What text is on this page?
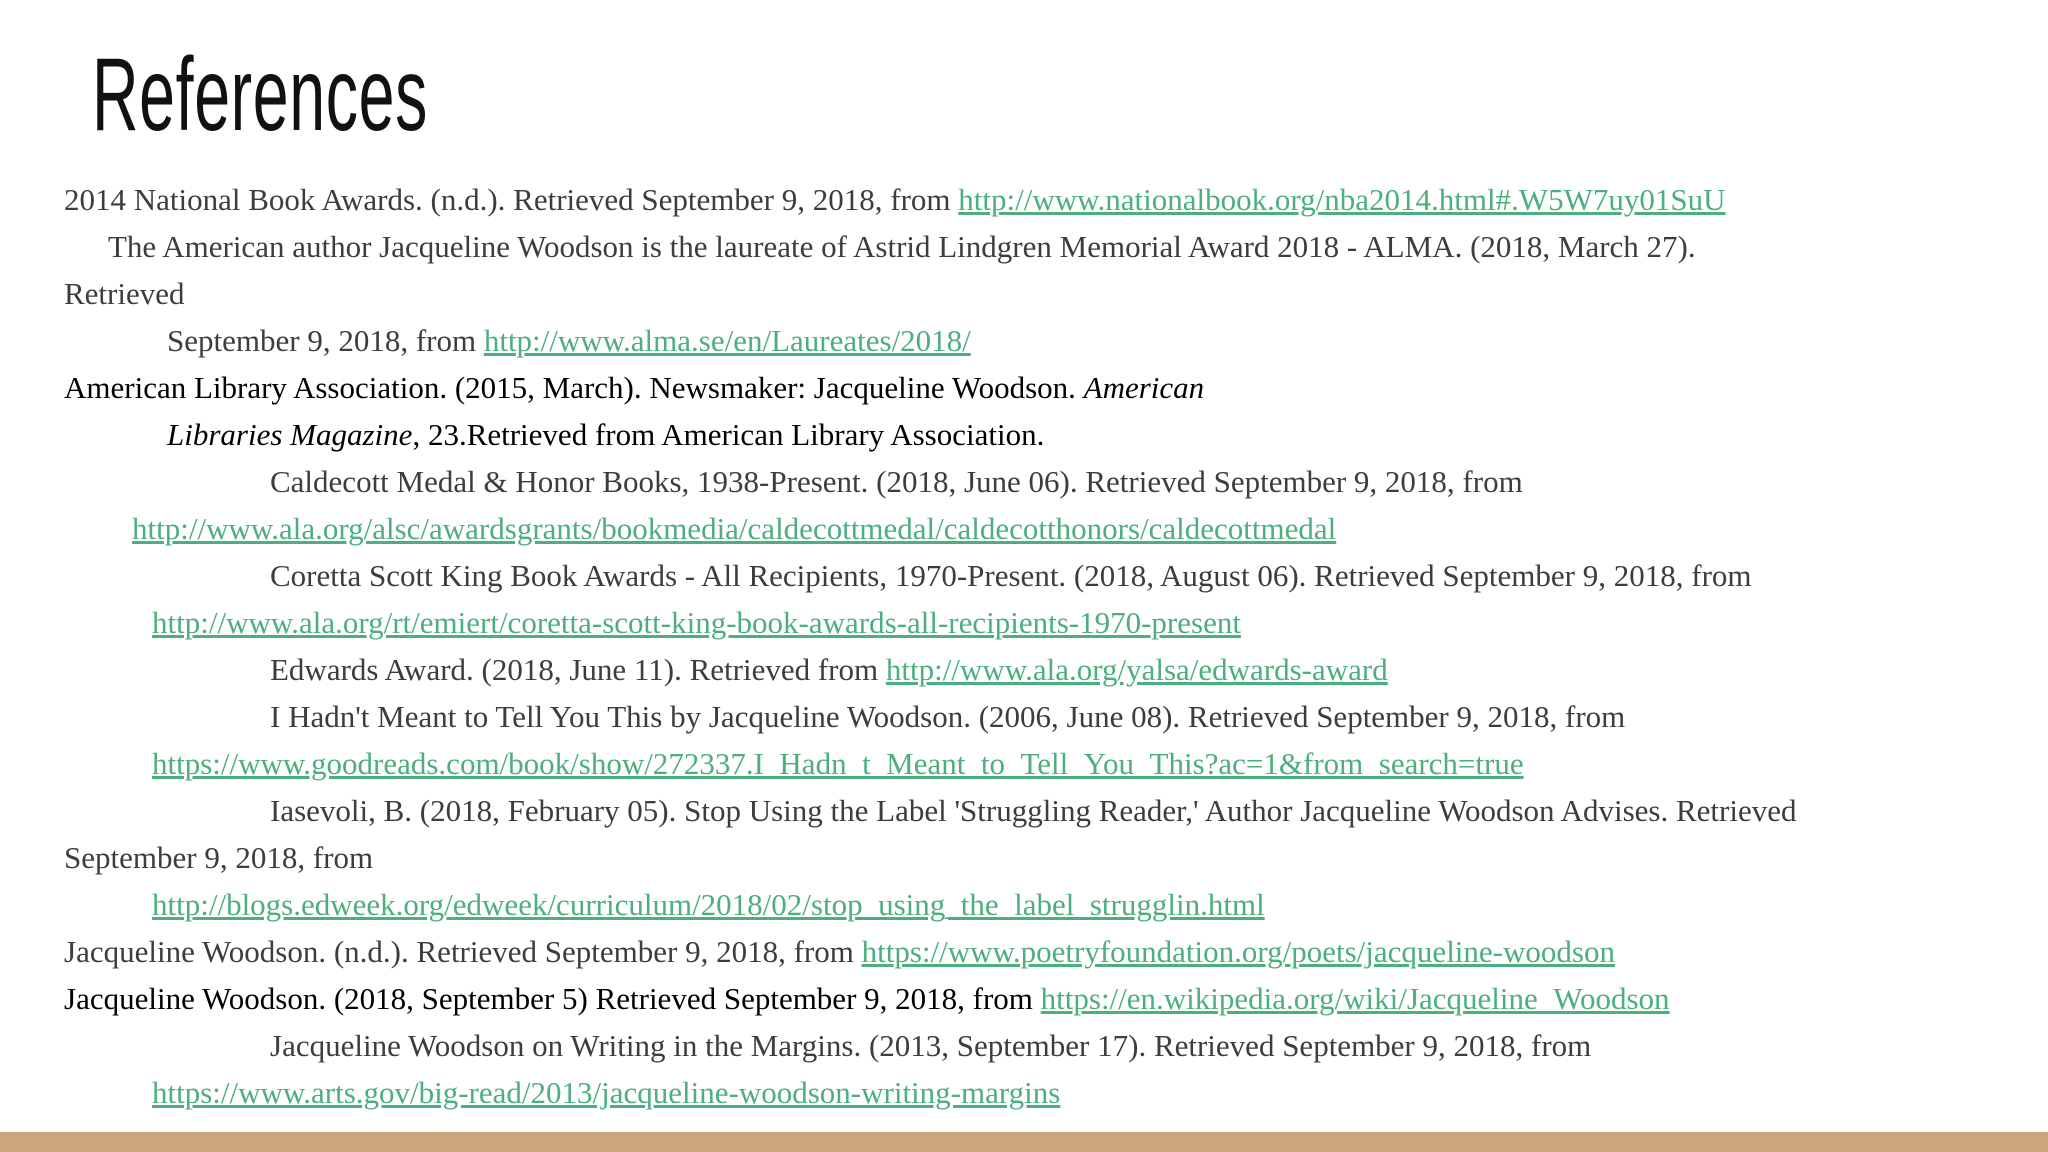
References
2014 National Book Awards. (n.d.). Retrieved September 9, 2018, from http://www.nationalbook.org/nba2014.html#.W5W7uy01SuU
The American author Jacqueline Woodson is the laureate of Astrid Lindgren Memorial Award 2018 - ALMA. (2018, March 27).
Retrieved
September 9, 2018, from http://www.alma.se/en/Laureates/2018/
American Library Association. (2015, March). Newsmaker: Jacqueline Woodson. American
Libraries Magazine, 23.Retrieved from American Library Association.
Caldecott Medal & Honor Books, 1938-Present. (2018, June 06). Retrieved September 9, 2018, from
http://www.ala.org/alsc/awardsgrants/bookmedia/caldecottmedal/caldecotthonors/caldecottmedal
Coretta Scott King Book Awards - All Recipients, 1970-Present. (2018, August 06). Retrieved September 9, 2018, from
http://www.ala.org/rt/emiert/coretta-scott-king-book-awards-all-recipients-1970-present
Edwards Award. (2018, June 11). Retrieved from http://www.ala.org/yalsa/edwards-award
I Hadn't Meant to Tell You This by Jacqueline Woodson. (2006, June 08). Retrieved September 9, 2018, from
https://www.goodreads.com/book/show/272337.I_Hadn_t_Meant_to_Tell_You_This?ac=1&from_search=true
Iasevoli, B. (2018, February 05). Stop Using the Label 'Struggling Reader,' Author Jacqueline Woodson Advises. Retrieved
September 9, 2018, from
http://blogs.edweek.org/edweek/curriculum/2018/02/stop_using_the_label_strugglin.html
Jacqueline Woodson. (n.d.). Retrieved September 9, 2018, from https://www.poetryfoundation.org/poets/jacqueline-woodson
Jacqueline Woodson. (2018, September 5) Retrieved September 9, 2018, from https://en.wikipedia.org/wiki/Jacqueline_Woodson
Jacqueline Woodson on Writing in the Margins. (2013, September 17). Retrieved September 9, 2018, from
https://www.arts.gov/big-read/2013/jacqueline-woodson-writing-margins
